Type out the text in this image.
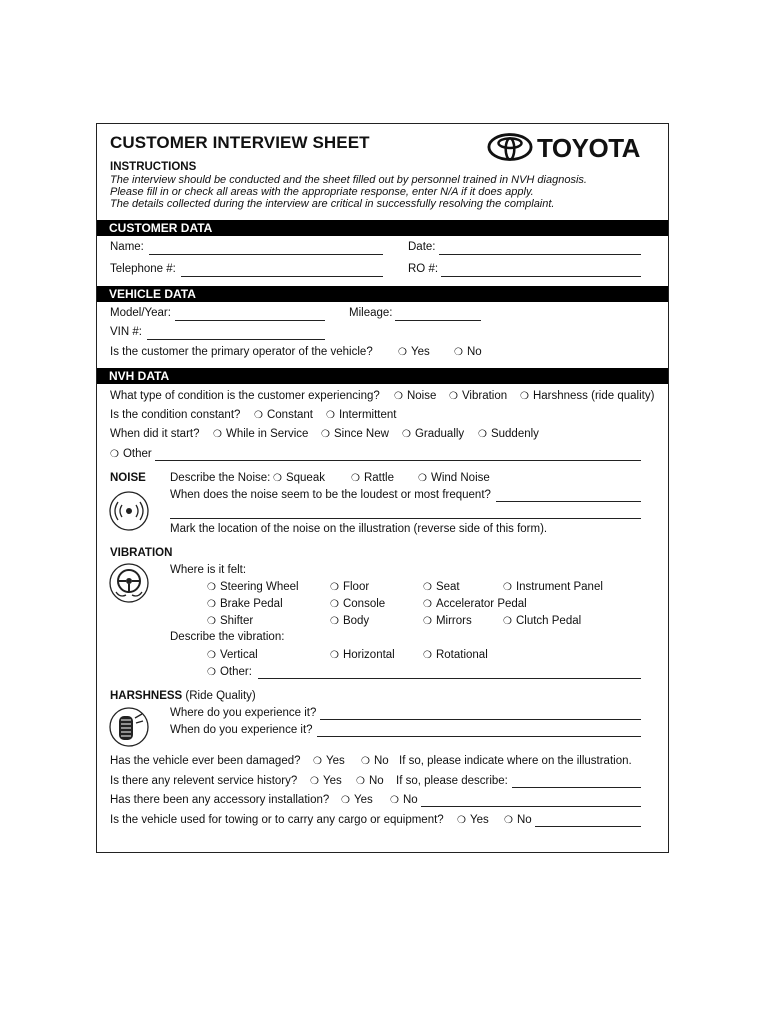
CUSTOMER INTERVIEW SHEET	TOYOTA
INSTRUCTIONS
The interview should be conducted and the sheet filled out by personnel trained in NVH diagnosis.
Please fill in or check all areas with the appropriate response, enter N/A if it does apply.
The details collected during the interview are critical in successfully resolving the complaint.
CUSTOMER DATA
Name:	Date:
Telephone #:	RO #:
VEHICLE DATA
Model/Year:	Mileage:
VIN #:
Is the customer the primary operator of the vehicle?	❍ Yes ❍ No
NVH DATA
What type of condition is the customer experiencing? ❍ Noise ❍ Vibration ❍ Harshness (ride quality)
Is the condition constant? ❍ Constant ❍ Intermittent
When did it start? ❍ While in Service ❍ Since New ❍ Gradually ❍ Suddenly
❍ Other
NOISE Describe the Noise: ❍ Squeak	❍ Rattle ❍ Wind Noise
When does the noise seem to be the loudest or most frequent?
Mark the location of the noise on the illustration (reverse side of this form).
VIBRATION
Where is it felt:
❍ Steering Wheel	❍ Floor	❍ Seat	❍ Instrument Panel
❍ Brake Pedal	❍ Console	❍ Accelerator Pedal
❍ Shifter	❍ Body	❍ Mirrors	❍ Clutch Pedal
Describe the vibration:
❍ Vertical	❍ Horizontal	❍ Rotational
❍ Other:
HARSHNESS (Ride Quality)
Where do you experience it?
When do you experience it?
Has the vehicle ever been damaged? ❍ Yes ❍ No If so, please indicate where on the illustration.
Is there any relevent service history? ❍ Yes ❍ No If so, please describe:
Has there been any accessory installation? ❍ Yes ❍ No
Is the vehicle used for towing or to carry any cargo or equipment? ❍ Yes ❍ No
